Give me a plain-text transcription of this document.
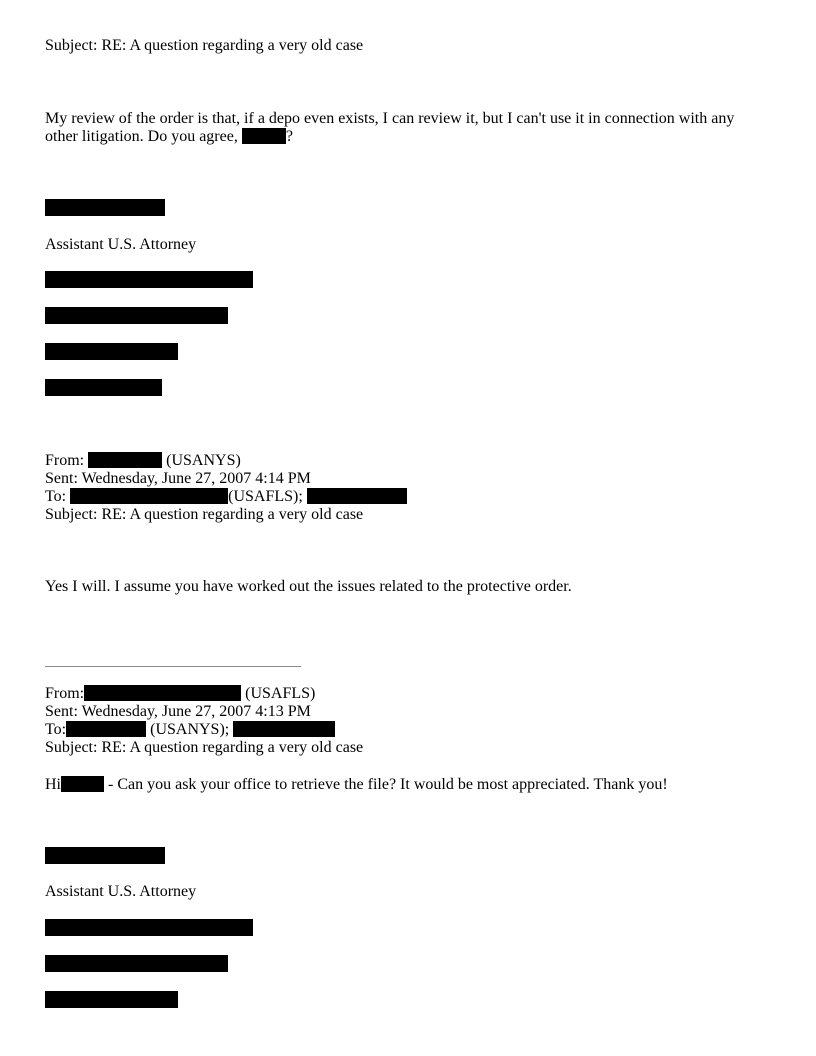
Subject: RE: A question regarding a very old case
My review of the order is that, if a depo even exists, I can review it, but I can't use it in connection with any other litigation. Do you agree,	?
Assistant U.S. Attorney
From:	(USANYS)
Sent: Wednesday, June 27, 2007 4:14 PM
To:	(USAFLS);
Subject: RE: A question regarding a very old case
Yes I will. I assume you have worked out the issues related to the protective order.
From:	(USAFLS)
Sent: Wednesday, June 27, 2007 4:13 PM
To:	(USANYS);
Subject: RE: A question regarding a very old case
Hi	- Can you ask your office to retrieve the file? It would be most appreciated. Thank you!
Assistant U.S. Attorney
